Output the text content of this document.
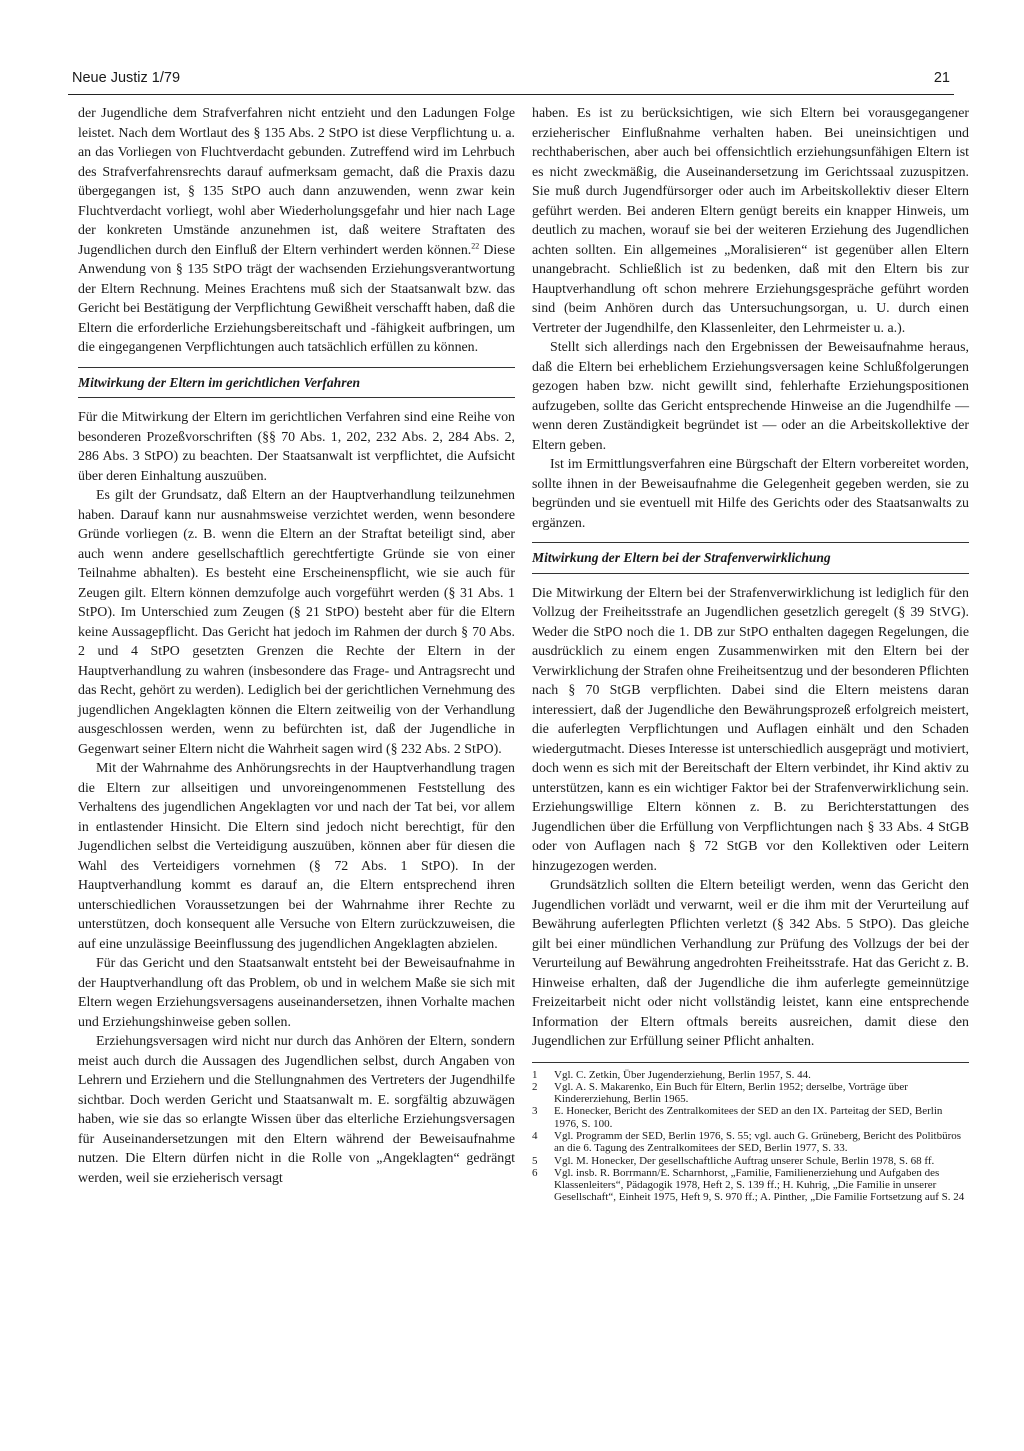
Neue Justiz 1/79	21

der Jugendliche dem Strafverfahren nicht entzieht und den Ladungen Folge leistet. Nach dem Wortlaut des § 135 Abs. 2 StPO ist diese Verpflichtung u. a. an das Vorliegen von Fluchtverdacht gebunden. Zutreffend wird im Lehrbuch des Strafverfahrensrechts darauf aufmerksam gemacht, daß die Praxis dazu übergegangen ist, § 135 StPO auch dann anzuwenden, wenn zwar kein Fluchtverdacht vorliegt, wohl aber Wiederholungsgefahr und hier nach Lage der konkreten Umstände anzunehmen ist, daß weitere Straftaten des Jugendlichen durch den Einfluß der Eltern verhindert werden können.$^{22}$ Diese Anwendung von § 135 StPO trägt der wachsenden Erziehungsverantwortung der Eltern Rechnung. Meines Erachtens muß sich der Staatsanwalt bzw. das Gericht bei Bestätigung der Verpflichtung Gewißheit verschafft haben, daß die Eltern die erforderliche Erziehungsbereitschaft und -fähigkeit aufbringen, um die eingegangenen Verpflichtungen auch tatsächlich erfüllen zu können.

Mitwirkung der Eltern im gerichtlichen Verfahren

Für die Mitwirkung der Eltern im gerichtlichen Verfahren sind eine Reihe von besonderen Prozeßvorschriften (§§ 70 Abs. 1, 202, 232 Abs. 2, 284 Abs. 2, 286 Abs. 3 StPO) zu beachten. Der Staatsanwalt ist verpflichtet, die Aufsicht über deren Einhaltung auszuüben.

Es gilt der Grundsatz, daß Eltern an der Hauptverhandlung teilzunehmen haben. Darauf kann nur ausnahmsweise verzichtet werden, wenn besondere Gründe vorliegen (z. B. wenn die Eltern an der Straftat beteiligt sind, aber auch wenn andere gesellschaftlich gerechtfertigte Gründe sie von einer Teilnahme abhalten). Es besteht eine Erscheinenspflicht, wie sie auch für Zeugen gilt. Eltern können demzufolge auch vorgeführt werden (§ 31 Abs. 1 StPO). Im Unterschied zum Zeugen (§ 21 StPO) besteht aber für die Eltern keine Aussagepflicht. Das Gericht hat jedoch im Rahmen der durch § 70 Abs. 2 und 4 StPO gesetzten Grenzen die Rechte der Eltern in der Hauptverhandlung zu wahren (insbesondere das Frage- und Antragsrecht und das Recht, gehört zu werden). Lediglich bei der gerichtlichen Vernehmung des jugendlichen Angeklagten können die Eltern zeitweilig von der Verhandlung ausgeschlossen werden, wenn zu befürchten ist, daß der Jugendliche in Gegenwart seiner Eltern nicht die Wahrheit sagen wird (§ 232 Abs. 2 StPO).

Mit der Wahrnahme des Anhörungsrechts in der Hauptverhandlung tragen die Eltern zur allseitigen und unvoreingenommenen Feststellung des Verhaltens des jugendlichen Angeklagten vor und nach der Tat bei, vor allem in entlastender Hinsicht. Die Eltern sind jedoch nicht berechtigt, für den Jugendlichen selbst die Verteidigung auszuüben, können aber für diesen die Wahl des Verteidigers vornehmen (§ 72 Abs. 1 StPO). In der Hauptverhandlung kommt es darauf an, die Eltern entsprechend ihren unterschiedlichen Voraussetzungen bei der Wahrnahme ihrer Rechte zu unterstützen, doch konsequent alle Versuche von Eltern zurückzuweisen, die auf eine unzulässige Beeinflussung des jugendlichen Angeklagten abzielen.

Für das Gericht und den Staatsanwalt entsteht bei der Beweisaufnahme in der Hauptverhandlung oft das Problem, ob und in welchem Maße sie sich mit Eltern wegen Erziehungsversagens auseinandersetzen, ihnen Vorhalte machen und Erziehungshinweise geben sollen.

Erziehungsversagen wird nicht nur durch das Anhören der Eltern, sondern meist auch durch die Aussagen des Jugendlichen selbst, durch Angaben von Lehrern und Erziehern und die Stellungnahmen des Vertreters der Jugendhilfe sichtbar. Doch werden Gericht und Staatsanwalt m. E. sorgfältig abzuwägen haben, wie sie das so erlangte Wissen über das elterliche Erziehungsversagen für Auseinandersetzungen mit den Eltern während der Beweisaufnahme nutzen. Die Eltern dürfen nicht in die Rolle von „Angeklagten“ gedrängt werden, weil sie erzieherisch versagt

haben. Es ist zu berücksichtigen, wie sich Eltern bei vorausgegangener erzieherischer Einflußnahme verhalten haben. Bei uneinsichtigen und rechthaberischen, aber auch bei offensichtlich erziehungsunfähigen Eltern ist es nicht zweckmäßig, die Auseinandersetzung im Gerichtssaal zuzuspitzen. Sie muß durch Jugendfürsorger oder auch im Arbeitskollektiv dieser Eltern geführt werden. Bei anderen Eltern genügt bereits ein knapper Hinweis, um deutlich zu machen, worauf sie bei der weiteren Erziehung des Jugendlichen achten sollten. Ein allgemeines „Moralisieren“ ist gegenüber allen Eltern unangebracht. Schließlich ist zu bedenken, daß mit den Eltern bis zur Hauptverhandlung oft schon mehrere Erziehungsgespräche geführt worden sind (beim Anhören durch das Untersuchungsorgan, u. U. durch einen Vertreter der Jugendhilfe, den Klassenleiter, den Lehrmeister u. a.).

Stellt sich allerdings nach den Ergebnissen der Beweisaufnahme heraus, daß die Eltern bei erheblichem Erziehungsversagen keine Schlußfolgerungen gezogen haben bzw. nicht gewillt sind, fehlerhafte Erziehungspositionen aufzugeben, sollte das Gericht entsprechende Hinweise an die Jugendhilfe — wenn deren Zuständigkeit begründet ist — oder an die Arbeitskollektive der Eltern geben.

Ist im Ermittlungsverfahren eine Bürgschaft der Eltern vorbereitet worden, sollte ihnen in der Beweisaufnahme die Gelegenheit gegeben werden, sie zu begründen und sie eventuell mit Hilfe des Gerichts oder des Staatsanwalts zu ergänzen.

Mitwirkung der Eltern bei der Strafenverwirklichung

Die Mitwirkung der Eltern bei der Strafenverwirklichung ist lediglich für den Vollzug der Freiheitsstrafe an Jugendlichen gesetzlich geregelt (§ 39 StVG). Weder die StPO noch die 1. DB zur StPO enthalten dagegen Regelungen, die ausdrücklich zu einem engen Zusammenwirken mit den Eltern bei der Verwirklichung der Strafen ohne Freiheitsentzug und der besonderen Pflichten nach § 70 StGB verpflichten. Dabei sind die Eltern meistens daran interessiert, daß der Jugendliche den Bewährungsprozeß erfolgreich meistert, die auferlegten Verpflichtungen und Auflagen einhält und den Schaden wiedergutmacht. Dieses Interesse ist unterschiedlich ausgeprägt und motiviert, doch wenn es sich mit der Bereitschaft der Eltern verbindet, ihr Kind aktiv zu unterstützen, kann es ein wichtiger Faktor bei der Strafenverwirklichung sein. Erziehungswillige Eltern können z. B. zu Berichterstattungen des Jugendlichen über die Erfüllung von Verpflichtungen nach § 33 Abs. 4 StGB oder von Auflagen nach § 72 StGB vor den Kollektiven oder Leitern hinzugezogen werden.

Grundsätzlich sollten die Eltern beteiligt werden, wenn das Gericht den Jugendlichen vorlädt und verwarnt, weil er die ihm mit der Verurteilung auf Bewährung auferlegten Pflichten verletzt (§ 342 Abs. 5 StPO). Das gleiche gilt bei einer mündlichen Verhandlung zur Prüfung des Vollzugs der bei der Verurteilung auf Bewährung angedrohten Freiheitsstrafe. Hat das Gericht z. B. Hinweise erhalten, daß der Jugendliche die ihm auferlegte gemeinnützige Freizeitarbeit nicht oder nicht vollständig leistet, kann eine entsprechende Information der Eltern oftmals bereits ausreichen, damit diese den Jugendlichen zur Erfüllung seiner Pflicht anhalten.

1	Vgl. C. Zetkin, Über Jugenderziehung, Berlin 1957, S. 44.
2	Vgl. A. S. Makarenko, Ein Buch für Eltern, Berlin 1952; derselbe, Vorträge über Kindererziehung, Berlin 1965.
3	E. Honecker, Bericht des Zentralkomitees der SED an den IX. Parteitag der SED, Berlin 1976, S. 100.
4	Vgl. Programm der SED, Berlin 1976, S. 55; vgl. auch G. Grüneberg, Bericht des Politbüros an die 6. Tagung des Zentralkomitees der SED, Berlin 1977, S. 33.
5	Vgl. M. Honecker, Der gesellschaftliche Auftrag unserer Schule, Berlin 1978, S. 68 ff.
6	Vgl. insb. R. Borrmann/E. Scharnhorst, „Familie, Familienerziehung und Aufgaben des Klassenleiters“, Pädagogik 1978, Heft 2, S. 139 ff.; H. Kuhrig, „Die Familie in unserer Gesellschaft“, Einheit 1975, Heft 9, S. 970 ff.; A. Pinther, „Die Familie Fortsetzung auf S. 24
